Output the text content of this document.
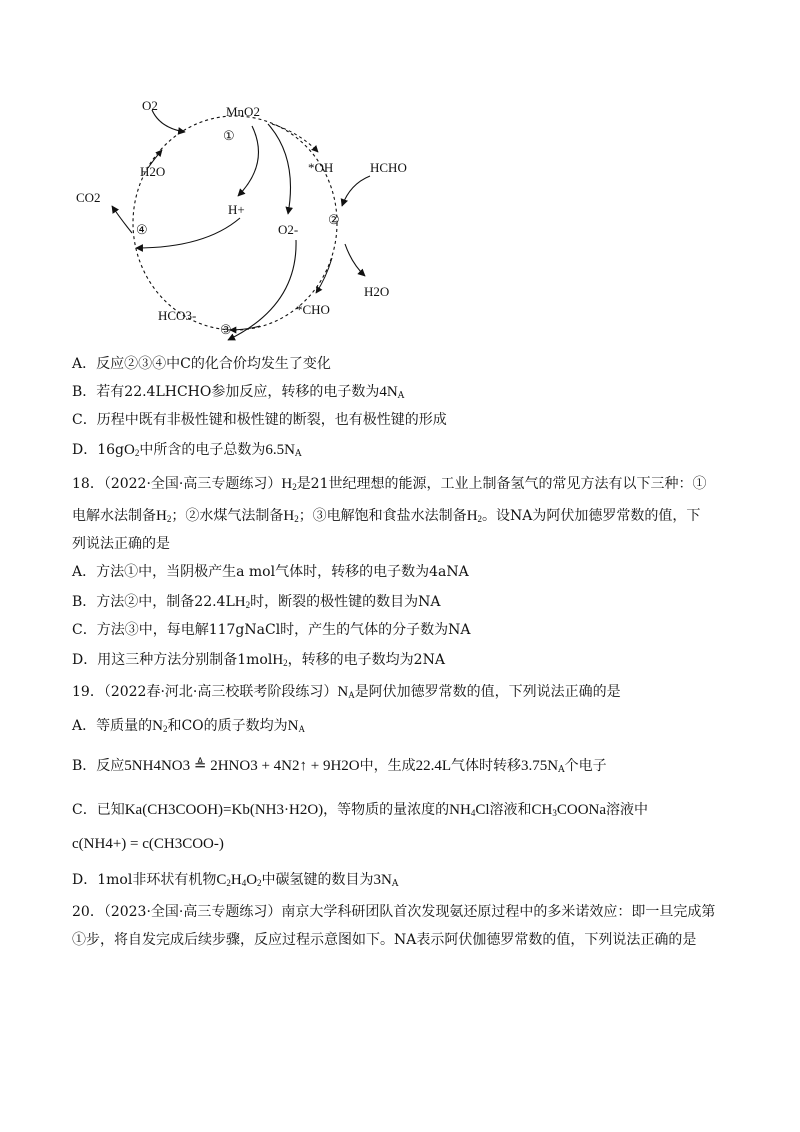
O2	MnO2
①
*OH	HCHO
H2O
CO2
H+
②
O2-
④
H2O
*CHO
HCO3-
③
A．反应②③④中C的化合价均发生了变化
B．若有22.4LHCHO参加反应，转移的电子数为$4N_A$
C．历程中既有非极性键和极性键的断裂，也有极性键的形成
D．$16gO_2$中所含的电子总数为$6.5N_A$
18．（2022·全国·高三专题练习）$H_2$是21世纪理想的能源，工业上制备氢气的常见方法有以下三种：①
电解水法制备$H_2$；②水煤气法制备$H_2$；③电解饱和食盐水法制备$H_2$。设NA为阿伏加德罗常数的值，下
列说法正确的是
A．方法①中，当阴极产生a mol气体时，转移的电子数为4aNA
B．方法②中，制备$22.4LH_2$时，断裂的极性键的数目为NA
C．方法③中，每电解117gNaCl时，产生的气体的分子数为NA
D．用这三种方法分别制备1molH$_2$，转移的电子数均为2NA
19．（2022春·河北·高三校联考阶段练习）$N_A$是阿伏加德罗常数的值，下列说法正确的是
A．等质量的$N_2$和CO的质子数均为$N_A$
B．反应5NH4NO3 ≜ 2HNO3 + 4N2↑ + 9H2O中，生成22.4L气体时转移$3.75N_A$个电子
C．已知Ka(CH3COOH)=Kb(NH3·H2O)，等物质的量浓度的$NH_4Cl$溶液和$CH_3COONa$溶液中
c(NH4+) = c(CH3COO-)
D．1mol非环状有机物$C_2H_4O_2$中碳氢键的数目为$3N_A$
20．（2023·全国·高三专题练习）南京大学科研团队首次发现氨还原过程中的多米诺效应：即一旦完成第
①步，将自发完成后续步骤，反应过程示意图如下。NA表示阿伏伽德罗常数的值，下列说法正确的是
